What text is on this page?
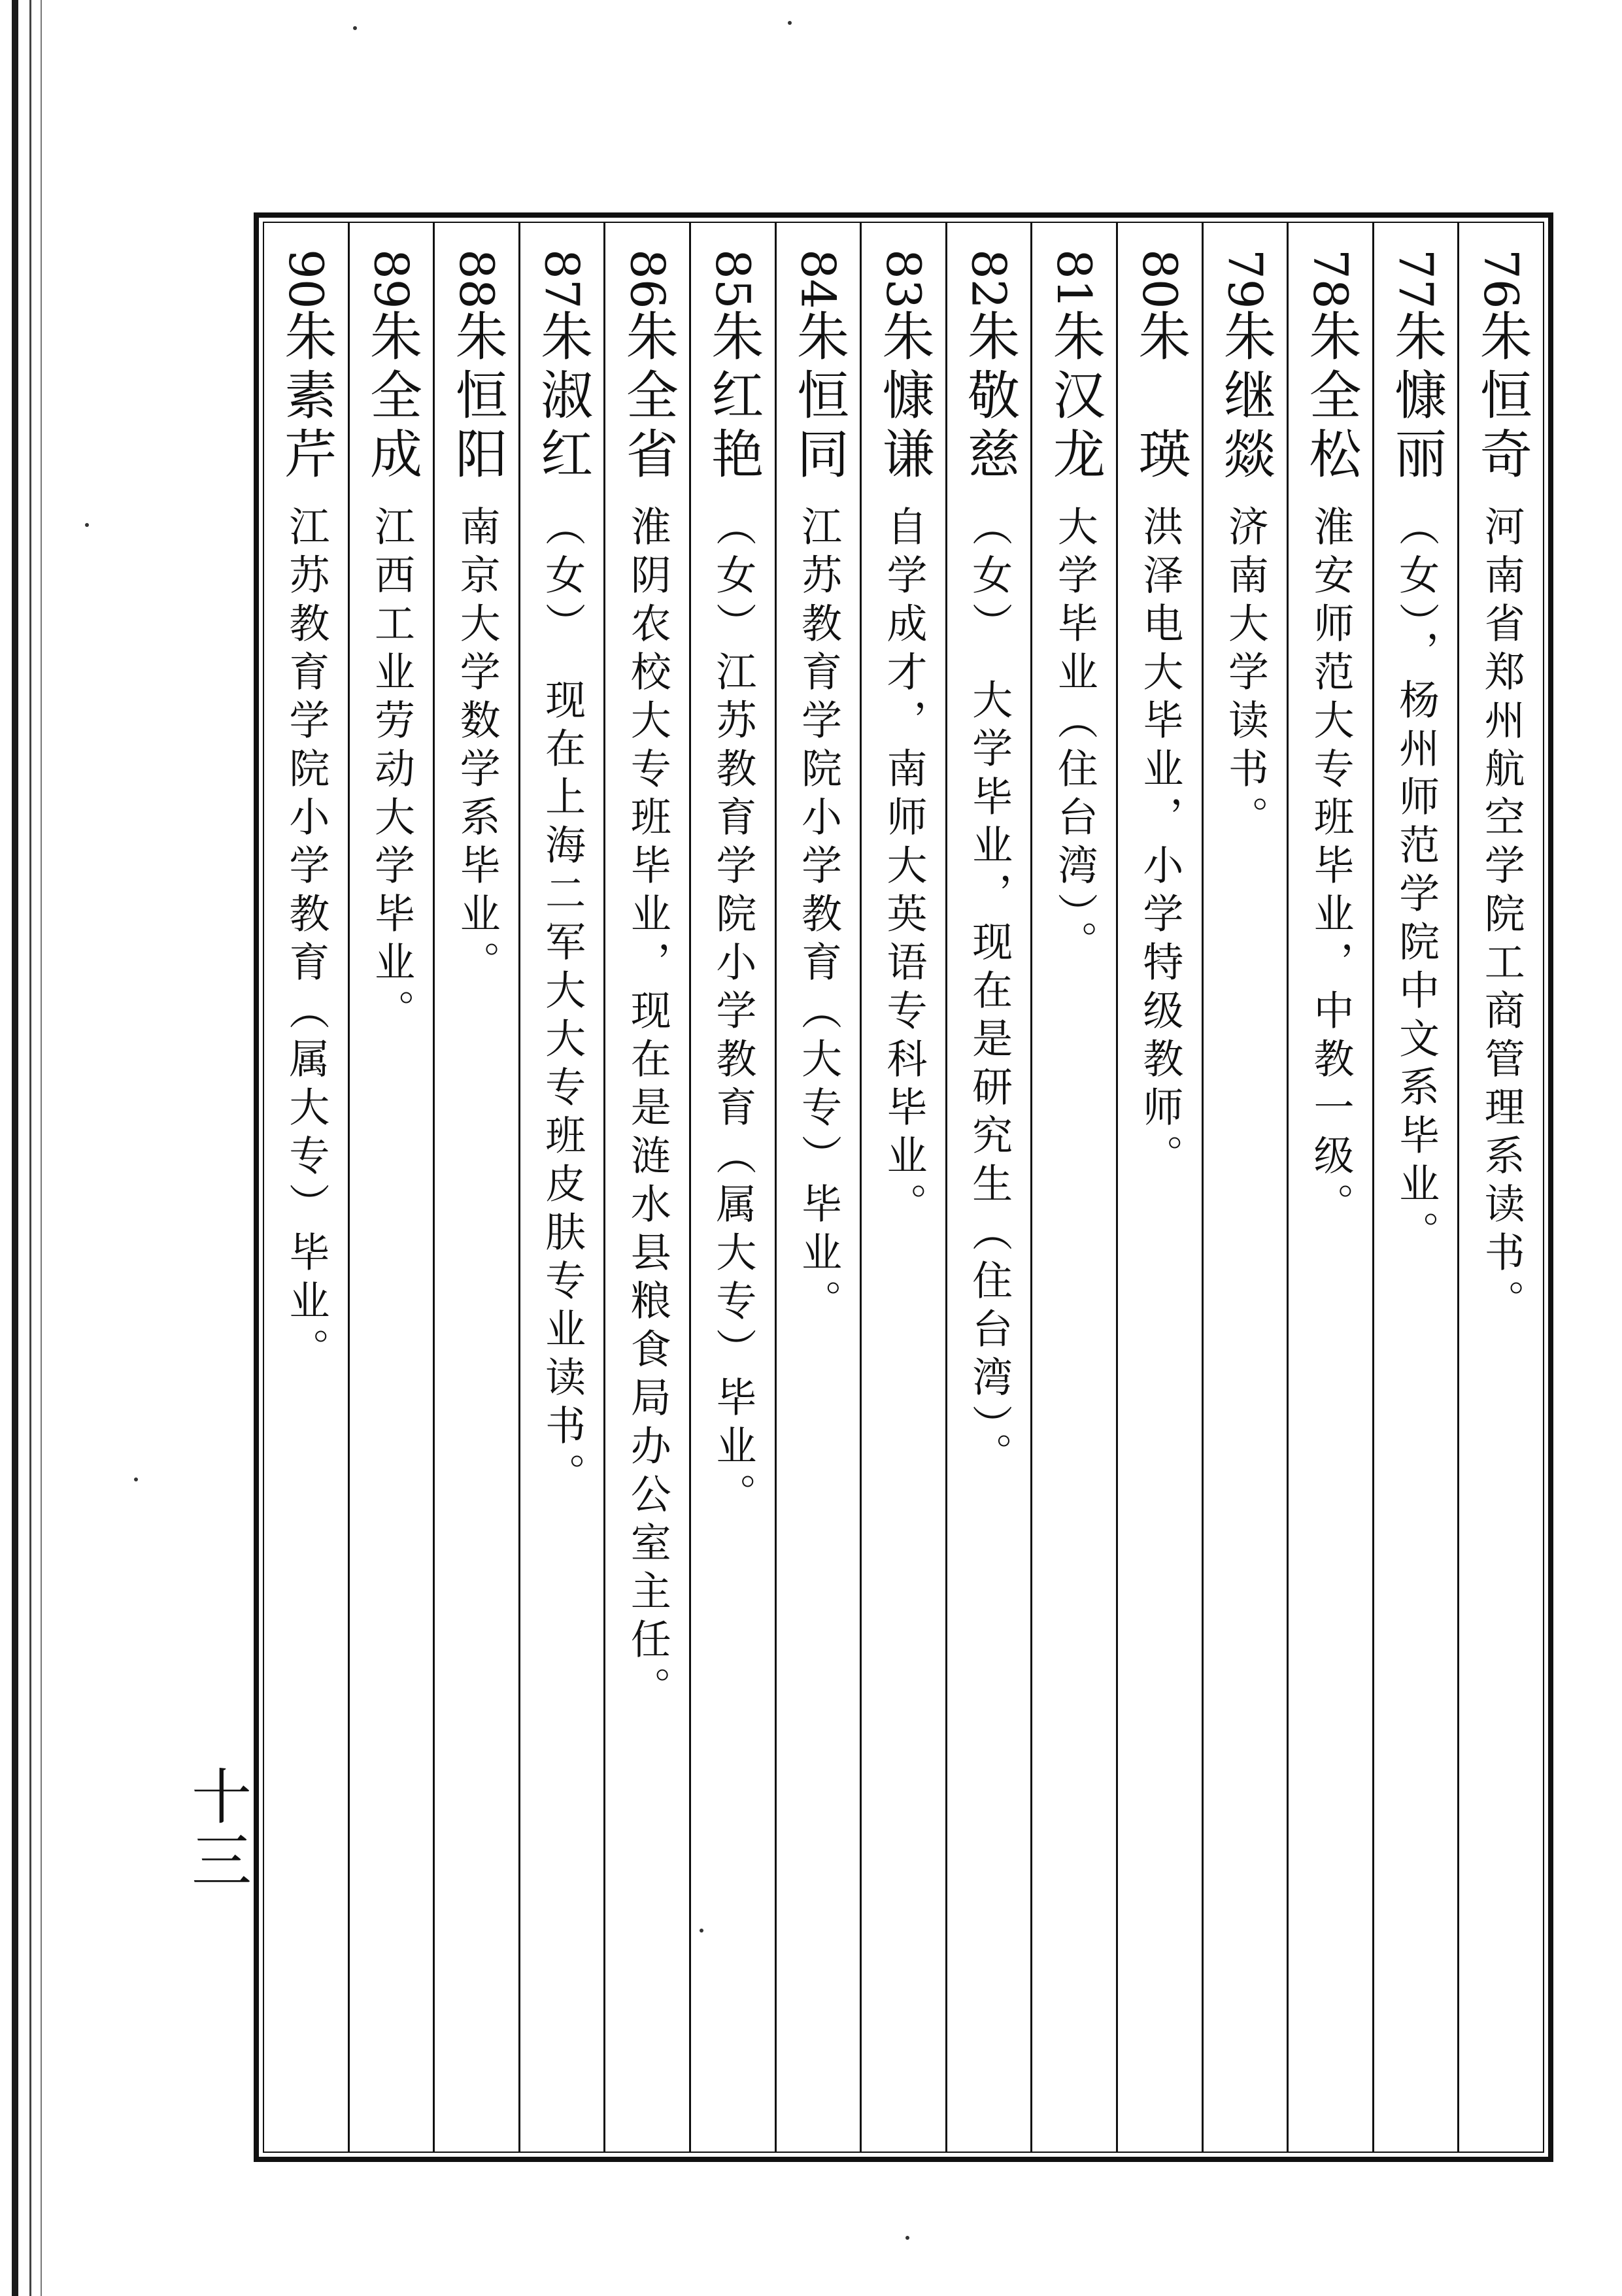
76朱恒奇河南省郑州航空学院工商管理系读书。
77朱慷丽（女），杨州师范学院中文系毕业。
78朱全松淮安师范大专班毕业，中教一级。
79朱继燚济南大学读书。
80朱　瑛洪泽电大毕业，小学特级教师。
81朱汉龙大学毕业（住台湾）。
82朱敬慈（女）　大学毕业，现在是研究生（住台湾）。
83朱慷谦自学成才，南师大英语专科毕业。
84朱恒同江苏教育学院小学教育（大专）毕业。
85朱红艳（女）江苏教育学院小学教育（属大专）毕业。
86朱全省淮阴农校大专班毕业，现在是涟水县粮食局办公室主任。
87朱淑红（女）　现在上海二军大大专班皮肤专业读书。
88朱恒阳南京大学数学系毕业。
89朱全成江西工业劳动大学毕业。
90朱素芹江苏教育学院小学教育（属大专）毕业。
十三
